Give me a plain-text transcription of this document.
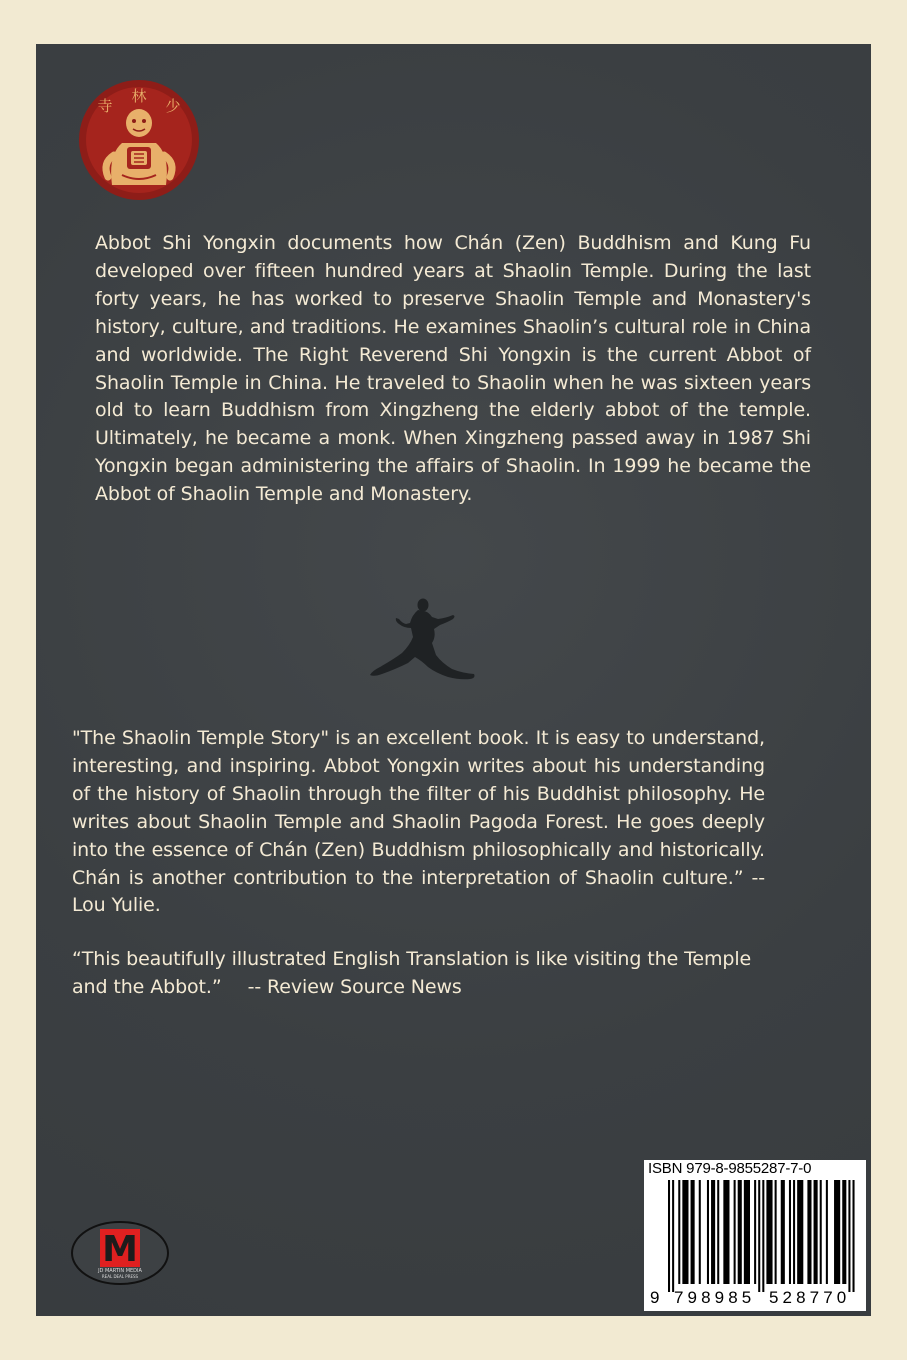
寺
林
少

Abbot Shi Yongxin documents how Chán (Zen) Buddhism and Kung Fu developed over fifteen hundred years at Shaolin Temple. During the last forty years, he has worked to preserve Shaolin Temple and Monastery's history, culture, and traditions. He examines Shaolin’s cultural role in China and worldwide. The Right Reverend Shi Yongxin is the current Abbot of Shaolin Temple in China. He traveled to Shaolin when he was sixteen years old to learn Buddhism from Xingzheng the elderly abbot of the temple. Ultimately, he became a monk. When Xingzheng passed away in 1987 Shi Yongxin began administering the affairs of Shaolin. In 1999 he became the Abbot of Shaolin Temple and Monastery.

"The Shaolin Temple Story" is an excellent book. It is easy to understand, interesting, and inspiring. Abbot Yongxin writes about his understanding of the history of Shaolin through the filter of his Buddhist philosophy. He writes about Shaolin Temple and Shaolin Pagoda Forest. He goes deeply into the essence of Chán (Zen) Buddhism philosophically and historically. Chán is another contribution to the interpretation of Shaolin culture.” --Lou Yulie.

“This beautifully illustrated English Translation is like visiting the Temple and the Abbot.” -- Review Source News

M
JD MARTIN MEDIA
REAL DEAL PRESS
ISBN 979-8-9855287-7-0
9 798985 528770
